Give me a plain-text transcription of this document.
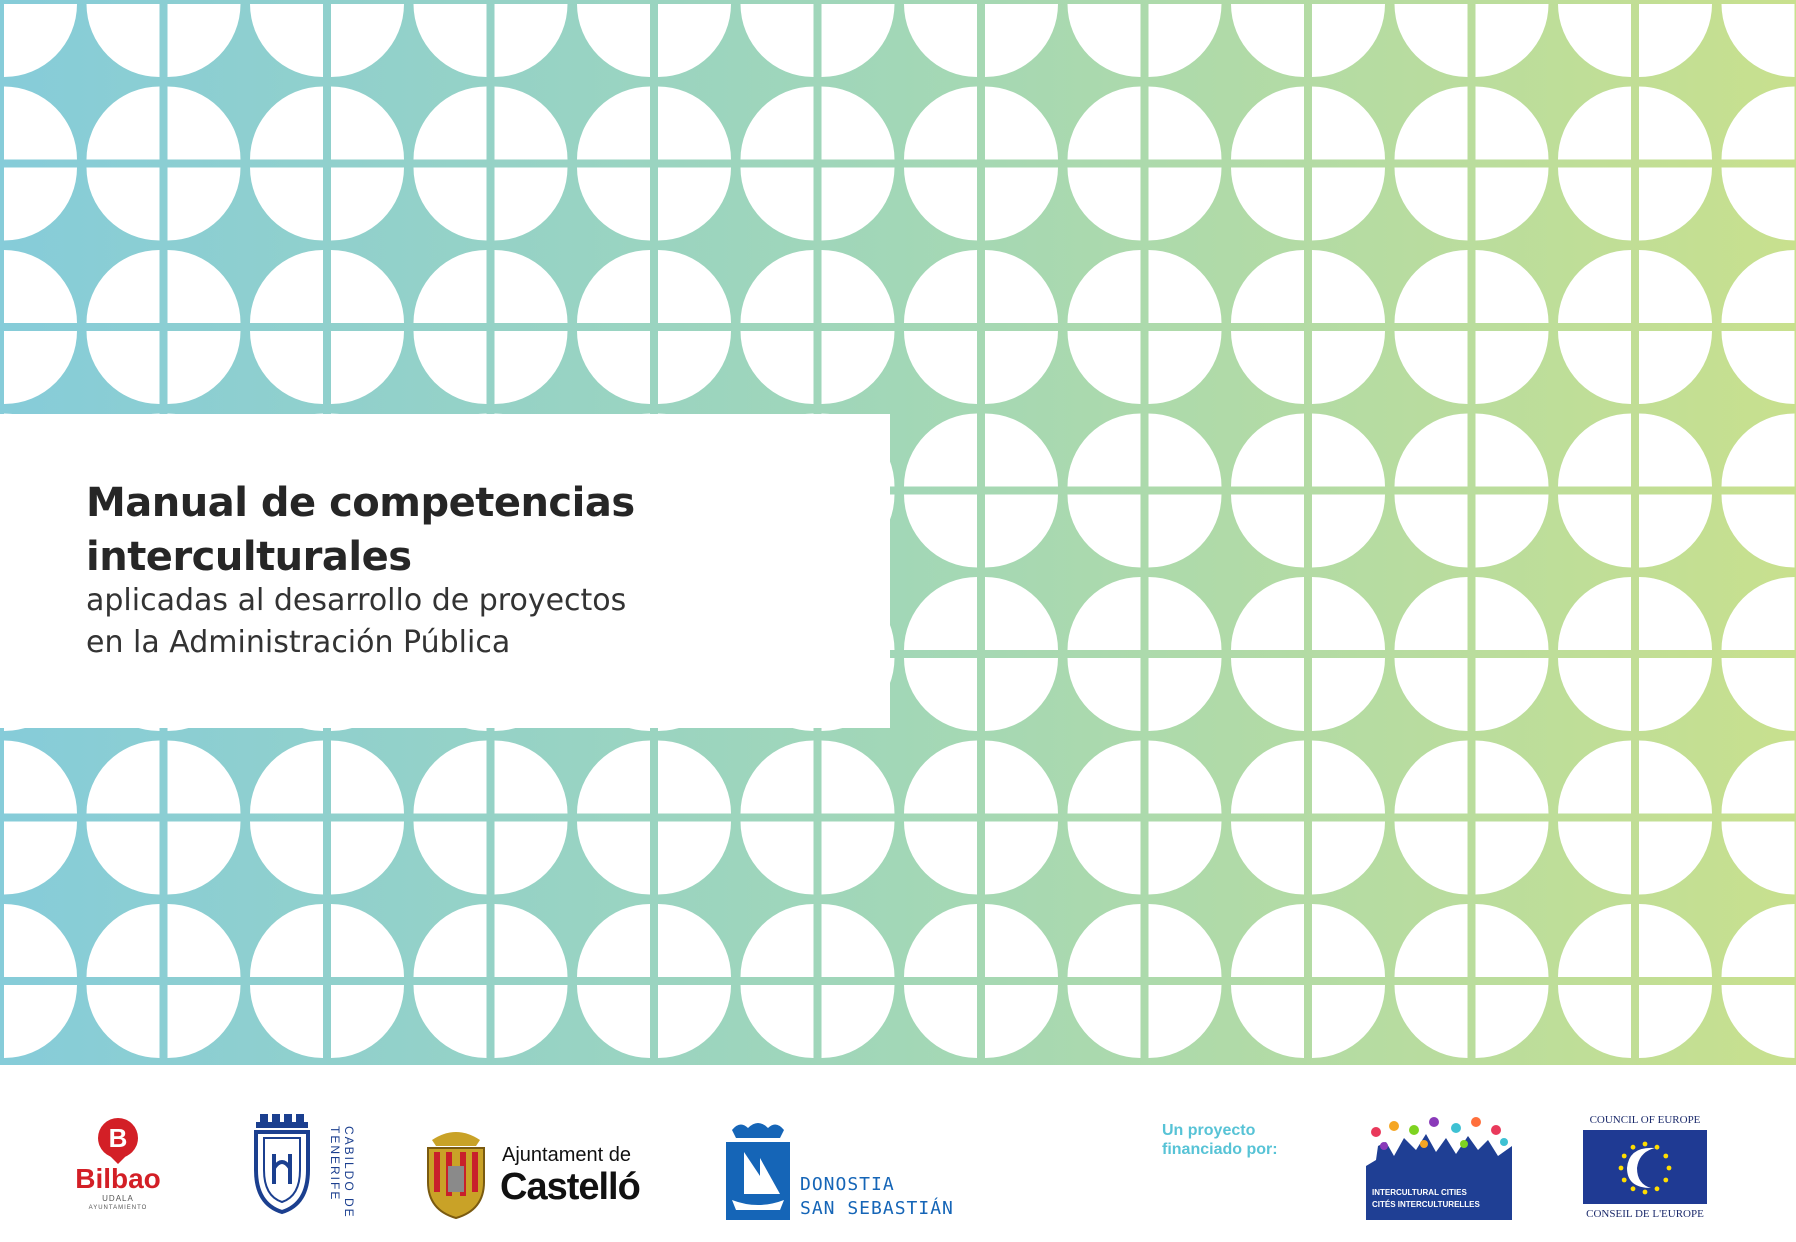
Manual de competencias
interculturales

aplicadas al desarrollo de proyectos
en la Administración Pública

B
Bilbao
UDALA
AYUNTAMIENTO	CABILDO DE TENERIFE	Ajuntament de
Castelló	DONOSTIA
SAN SEBASTIÁN
Un proyecto
financiado por:
INTERCULTURAL CITIES
CITÉS INTERCULTURELLES
COUNCIL OF EUROPE
CONSEIL DE L'EUROPE
